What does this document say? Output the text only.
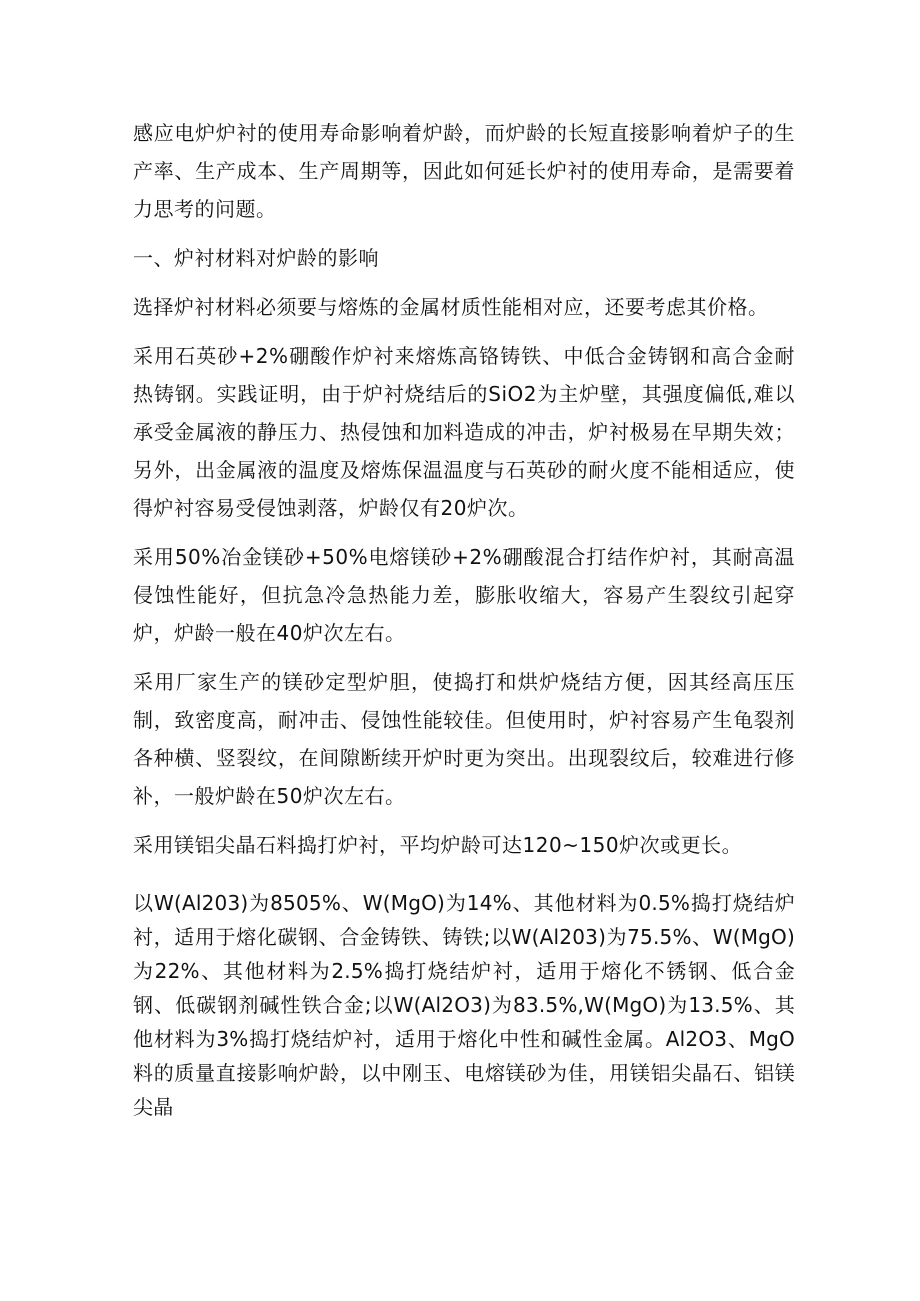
感应电炉炉衬的使用寿命影响着炉龄，而炉龄的长短直接影响着炉子的生产率、生产成本、生产周期等，因此如何延长炉衬的使用寿命，是需要着力思考的问题。

一、炉衬材料对炉龄的影响

选择炉衬材料必须要与熔炼的金属材质性能相对应，还要考虑其价格。

采用石英砂+2%硼酸作炉衬来熔炼高铬铸铁、中低合金铸钢和高合金耐热铸钢。实践证明，由于炉衬烧结后的SiO2为主炉壁，其强度偏低,难以承受金属液的静压力、热侵蚀和加料造成的冲击，炉衬极易在早期失效；另外，出金属液的温度及熔炼保温温度与石英砂的耐火度不能相适应，使得炉衬容易受侵蚀剥落，炉龄仅有20炉次。

采用50%冶金镁砂+50%电熔镁砂+2%硼酸混合打结作炉衬，其耐高温侵蚀性能好，但抗急冷急热能力差，膨胀收缩大，容易产生裂纹引起穿炉，炉龄一般在40炉次左右。

采用厂家生产的镁砂定型炉胆，使捣打和烘炉烧结方便，因其经高压压制，致密度高，耐冲击、侵蚀性能较佳。但使用时，炉衬容易产生龟裂剂各种横、竖裂纹，在间隙断续开炉时更为突出。出现裂纹后，较难进行修补，一般炉龄在50炉次左右。

采用镁铝尖晶石料捣打炉衬，平均炉龄可达120~150炉次或更长。

以W(Al203)为8505%、W(MgO)为14%、其他材料为0.5%捣打烧结炉衬，适用于熔化碳钢、合金铸铁、铸铁;以W(Al203)为75.5%、W(MgO)为22%、其他材料为2.5%捣打烧结炉衬，适用于熔化不锈钢、低合金钢、低碳钢剂碱性铁合金;以W(Al2O3)为83.5%,W(MgO)为13.5%、其他材料为3%捣打烧结炉衬，适用于熔化中性和碱性金属。Al2O3、MgO料的质量直接影响炉龄，以中刚玉、电熔镁砂为佳，用镁铝尖晶石、铝镁尖晶
